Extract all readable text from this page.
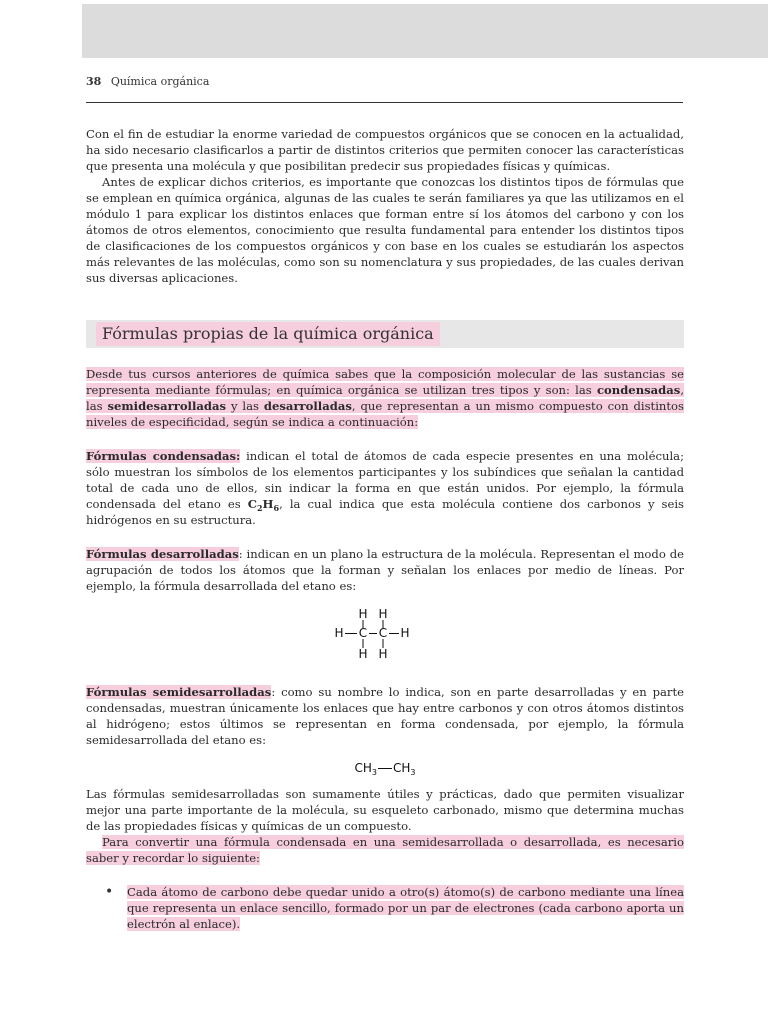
38 Química orgánica

Con el fin de estudiar la enorme variedad de compuestos orgánicos que se conocen en la actualidad, ha sido necesario clasificarlos a partir de distintos criterios que permiten conocer las características que presenta una molécula y que posibilitan predecir sus propiedades físicas y químicas.

Antes de explicar dichos criterios, es importante que conozcas los distintos tipos de fórmulas que se emplean en química orgánica, algunas de las cuales te serán familiares ya que las utilizamos en el módulo 1 para explicar los distintos enlaces que forman entre sí los átomos del carbono y con los átomos de otros elementos, conocimiento que resulta fundamental para entender los distintos tipos de clasificaciones de los compuestos orgánicos y con base en los cuales se estudiarán los aspectos más relevantes de las moléculas, como son su nomenclatura y sus propiedades, de las cuales derivan sus diversas aplicaciones.

Fórmulas propias de la química orgánica

Desde tus cursos anteriores de química sabes que la composición molecular de las sustancias se representa mediante fórmulas; en química orgánica se utilizan tres tipos y son: las condensadas, las semidesarrolladas y las desarrolladas, que representan a un mismo compuesto con distintos niveles de especificidad, según se indica a continuación:

Fórmulas condensadas: indican el total de átomos de cada especie presentes en una molécula; sólo muestran los símbolos de los elementos participantes y los subíndices que señalan la cantidad total de cada uno de ellos, sin indicar la forma en que están unidos. Por ejemplo, la fórmula condensada del etano es $C_2H_6$, la cual indica que esta molécula contiene dos carbonos y seis hidrógenos en su estructura.

Fórmulas desarrolladas: indican en un plano la estructura de la molécula. Representan el modo de agrupación de todos los átomos que la forman y señalan los enlaces por medio de líneas. Por ejemplo, la fórmula desarrollada del etano es:

H H
H C C H
H H

Fórmulas semidesarrolladas: como su nombre lo indica, son en parte desarrolladas y en parte condensadas, muestran únicamente los enlaces que hay entre carbonos y con otros átomos distintos al hidrógeno; estos últimos se representan en forma condensada, por ejemplo, la fórmula semidesarrollada del etano es:

$CH_3$ $CH_3$

Las fórmulas semidesarrolladas son sumamente útiles y prácticas, dado que permiten visualizar mejor una parte importante de la molécula, su esqueleto carbonado, mismo que determina muchas de las propiedades físicas y químicas de un compuesto.

Para convertir una fórmula condensada en una semidesarrollada o desarrollada, es necesario saber y recordar lo siguiente:

• Cada átomo de carbono debe quedar unido a otro(s) átomo(s) de carbono mediante una línea que representa un enlace sencillo, formado por un par de electrones (cada carbono aporta un electrón al enlace).
